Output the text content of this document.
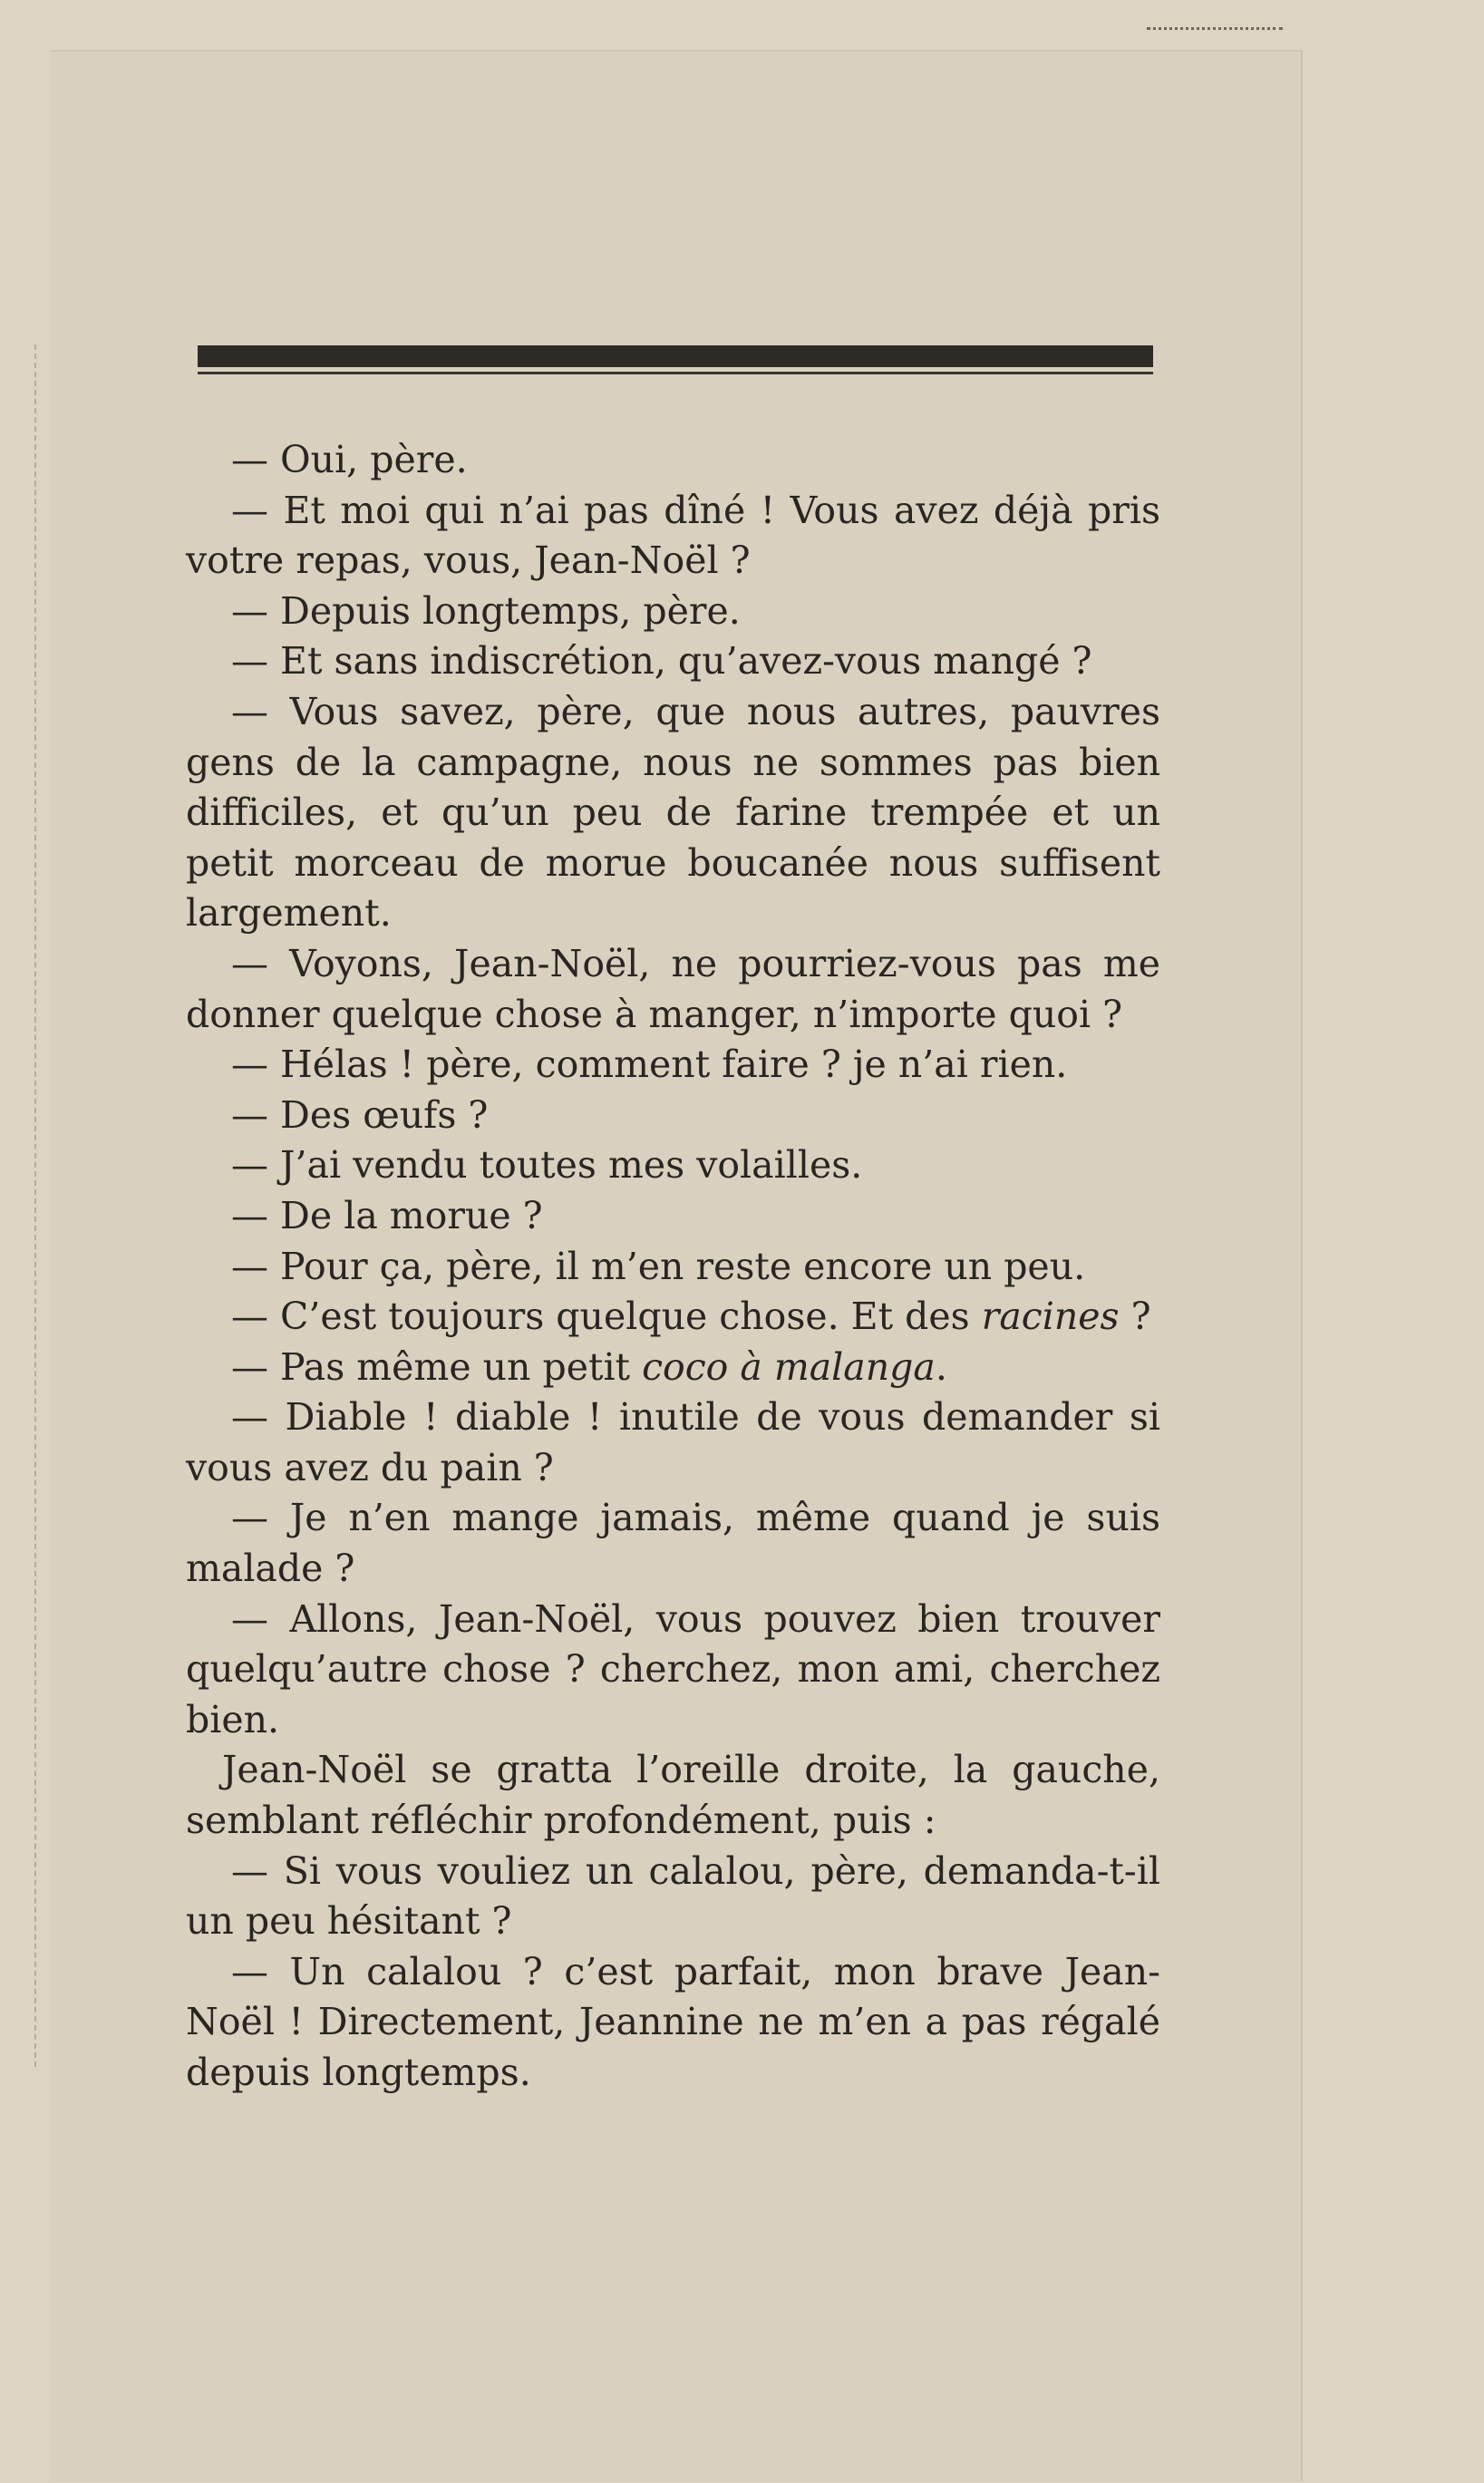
— Oui, père.

— Et moi qui n’ai pas dîné ! Vous avez déjà pris votre repas, vous, Jean-Noël ?

— Depuis longtemps, père.

— Et sans indiscrétion, qu’avez-vous mangé ?

— Vous savez, père, que nous autres, pauvres gens de la campagne, nous ne sommes pas bien difficiles, et qu’un peu de farine trempée et un petit morceau de morue boucanée nous suffisent largement.

— Voyons, Jean-Noël, ne pourriez-vous pas me donner quelque chose à manger, n’importe quoi ?

— Hélas ! père, comment faire ? je n’ai rien.

— Des œufs ?

— J’ai vendu toutes mes volailles.

— De la morue ?

— Pour ça, père, il m’en reste encore un peu.

— C’est toujours quelque chose. Et des racines ?

— Pas même un petit coco à malanga.

— Diable ! diable ! inutile de vous demander si vous avez du pain ?

— Je n’en mange jamais, même quand je suis malade ?

— Allons, Jean-Noël, vous pouvez bien trouver quelqu’autre chose ? cherchez, mon ami, cherchez bien.

Jean-Noël se gratta l’oreille droite, la gauche, semblant réfléchir profondément, puis :

— Si vous vouliez un calalou, père, demanda-t-il un peu hésitant ?

— Un calalou ? c’est parfait, mon brave Jean-Noël ! Directement, Jeannine ne m’en a pas régalé depuis longtemps.
